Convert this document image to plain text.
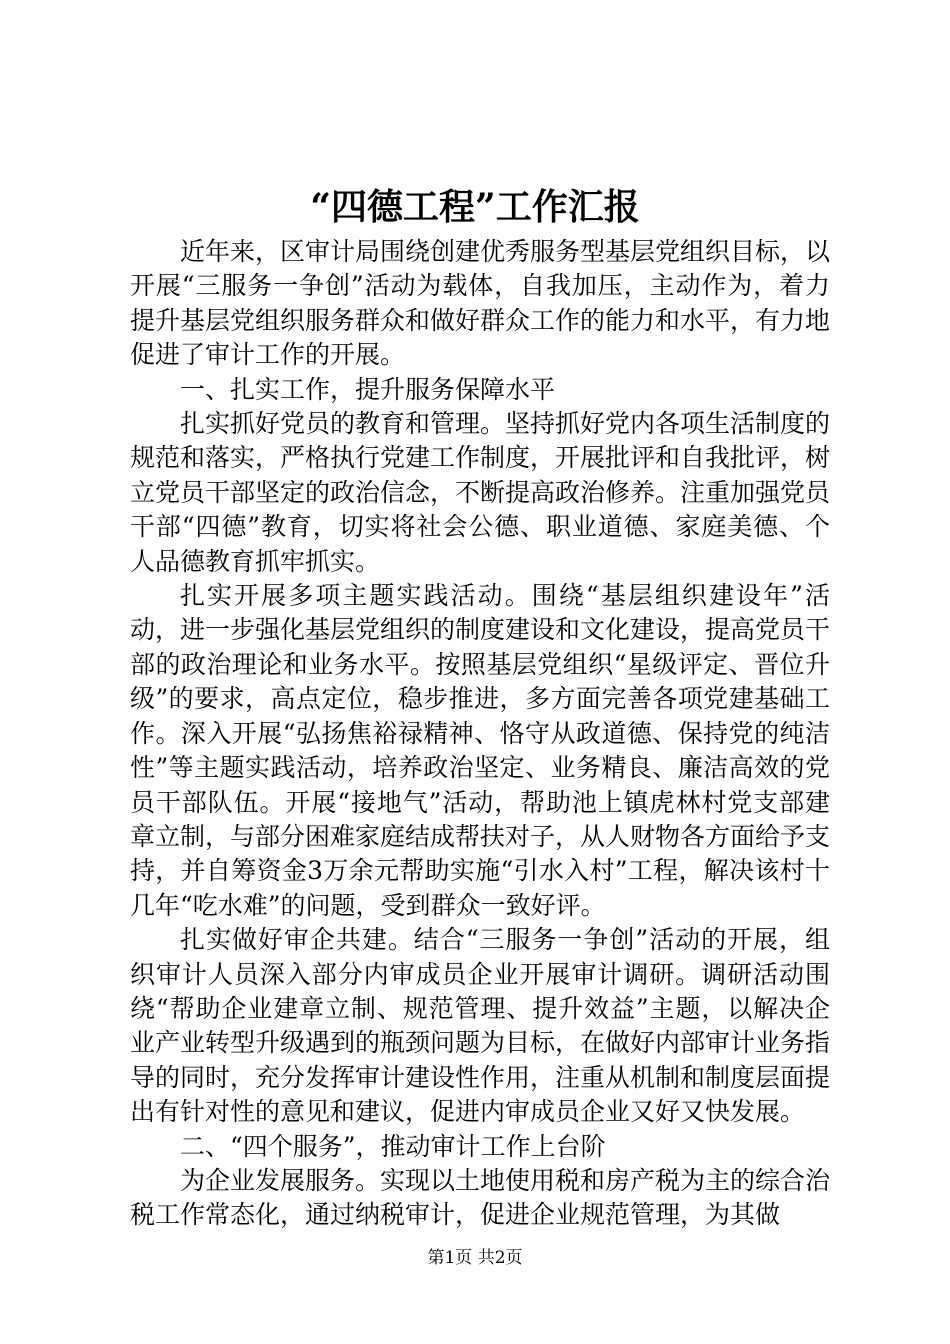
“四德工程”工作汇报

近年来，区审计局围绕创建优秀服务型基层党组织目标，以开展“三服务一争创”活动为载体，自我加压，主动作为，着力提升基层党组织服务群众和做好群众工作的能力和水平，有力地促进了审计工作的开展。

一、扎实工作，提升服务保障水平

扎实抓好党员的教育和管理。坚持抓好党内各项生活制度的规范和落实，严格执行党建工作制度，开展批评和自我批评，树立党员干部坚定的政治信念，不断提高政治修养。注重加强党员干部“四德”教育，切实将社会公德、职业道德、家庭美德、个人品德教育抓牢抓实。

扎实开展多项主题实践活动。围绕“基层组织建设年”活动，进一步强化基层党组织的制度建设和文化建设，提高党员干部的政治理论和业务水平。按照基层党组织“星级评定、晋位升级”的要求，高点定位，稳步推进，多方面完善各项党建基础工作。深入开展“弘扬焦裕禄精神、恪守从政道德、保持党的纯洁性”等主题实践活动，培养政治坚定、业务精良、廉洁高效的党员干部队伍。开展“接地气”活动，帮助池上镇虎林村党支部建章立制，与部分困难家庭结成帮扶对子，从人财物各方面给予支持，并自筹资金3万余元帮助实施“引水入村”工程，解决该村十几年“吃水难”的问题，受到群众一致好评。

扎实做好审企共建。结合“三服务一争创”活动的开展，组织审计人员深入部分内审成员企业开展审计调研。调研活动围绕“帮助企业建章立制、规范管理、提升效益”主题，以解决企业产业转型升级遇到的瓶颈问题为目标，在做好内部审计业务指导的同时，充分发挥审计建设性作用，注重从机制和制度层面提出有针对性的意见和建议，促进内审成员企业又好又快发展。

二、“四个服务”，推动审计工作上台阶

为企业发展服务。实现以土地使用税和房产税为主的综合治税工作常态化，通过纳税审计，促进企业规范管理，为其做

第1页 共2页
